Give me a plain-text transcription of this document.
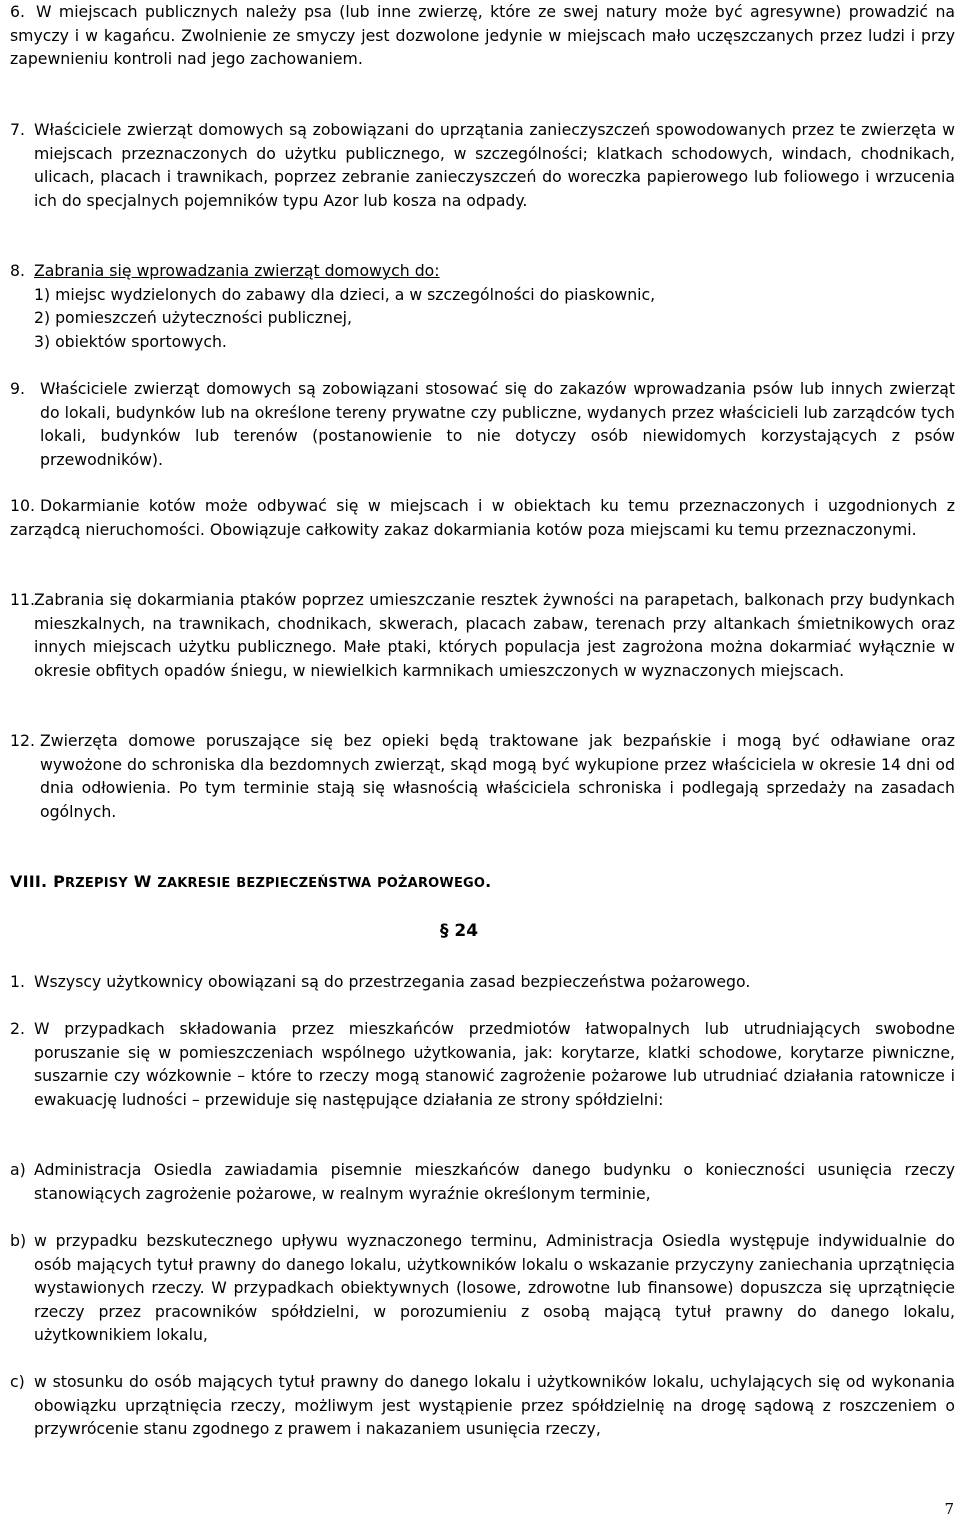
6. W miejscach publicznych należy psa (lub inne zwierzę, które ze swej natury może być agresywne) prowadzić na smyczy i w kagańcu. Zwolnienie ze smyczy jest dozwolone jedynie w miejscach mało uczęszczanych przez ludzi i przy zapewnieniu kontroli nad jego zachowaniem.

7. Właściciele zwierząt domowych są zobowiązani do uprzątania zanieczyszczeń spowodowanych przez te zwierzęta w miejscach przeznaczonych do użytku publicznego, w szczególności; klatkach schodowych, windach, chodnikach, ulicach, placach i trawnikach, poprzez zebranie zanieczyszczeń do woreczka papierowego lub foliowego i wrzucenia ich do specjalnych pojemników typu Azor lub kosza na odpady.

8. Zabrania się wprowadzania zwierząt domowych do:
1) miejsc wydzielonych do zabawy dla dzieci, a w szczególności do piaskownic,
2) pomieszczeń użyteczności publicznej,
3) obiektów sportowych.
9. Właściciele zwierząt domowych są zobowiązani stosować się do zakazów wprowadzania psów lub innych zwierząt do lokali, budynków lub na określone tereny prywatne czy publiczne, wydanych przez właścicieli lub zarządców tych lokali, budynków lub terenów (postanowienie to nie dotyczy osób niewidomych korzystających z psów przewodników).

10. Dokarmianie kotów może odbywać się w miejscach i w obiektach ku temu przeznaczonych i uzgodnionych z zarządcą nieruchomości. Obowiązuje całkowity zakaz dokarmiania kotów poza miejscami ku temu przeznaczonymi.

11. Zabrania się dokarmiania ptaków poprzez umieszczanie resztek żywności na parapetach, balkonach przy budynkach mieszkalnych, na trawnikach, chodnikach, skwerach, placach zabaw, terenach przy altankach śmietnikowych oraz innych miejscach użytku publicznego. Małe ptaki, których populacja jest zagrożona można dokarmiać wyłącznie w okresie obfitych opadów śniegu, w niewielkich karmnikach umieszczonych w wyznaczonych miejscach.

12. Zwierzęta domowe poruszające się bez opieki będą traktowane jak bezpańskie i mogą być odławiane oraz wywożone do schroniska dla bezdomnych zwierząt, skąd mogą być wykupione przez właściciela w okresie 14 dni od dnia odłowienia. Po tym terminie stają się własnością właściciela schroniska i podlegają sprzedaży na zasadach ogólnych.

VIII. PRZEPISY W ZAKRESIE BEZPIECZEŃSTWA POŻAROWEGO.
§ 24
1. Wszyscy użytkownicy obowiązani są do przestrzegania zasad bezpieczeństwa pożarowego.

2. W przypadkach składowania przez mieszkańców przedmiotów łatwopalnych lub utrudniających swobodne poruszanie się w pomieszczeniach wspólnego użytkowania, jak: korytarze, klatki schodowe, korytarze piwniczne, suszarnie czy wózkownie – które to rzeczy mogą stanowić zagrożenie pożarowe lub utrudniać działania ratownicze i ewakuację ludności – przewiduje się następujące działania ze strony spółdzielni:

a) Administracja Osiedla zawiadamia pisemnie mieszkańców danego budynku o konieczności usunięcia rzeczy stanowiących zagrożenie pożarowe, w realnym wyraźnie określonym terminie,

b) w przypadku bezskutecznego upływu wyznaczonego terminu, Administracja Osiedla występuje indywidualnie do osób mających tytuł prawny do danego lokalu, użytkowników lokalu o wskazanie przyczyny zaniechania uprzątnięcia wystawionych rzeczy. W przypadkach obiektywnych (losowe, zdrowotne lub finansowe) dopuszcza się uprzątnięcie rzeczy przez pracowników spółdzielni, w porozumieniu z osobą mającą tytuł prawny do danego lokalu, użytkownikiem lokalu,

c) w stosunku do osób mających tytuł prawny do danego lokalu i użytkowników lokalu, uchylających się od wykonania obowiązku uprzątnięcia rzeczy, możliwym jest wystąpienie przez spółdzielnię na drogę sądową z roszczeniem o przywrócenie stanu zgodnego z prawem i nakazaniem usunięcia rzeczy,

7
